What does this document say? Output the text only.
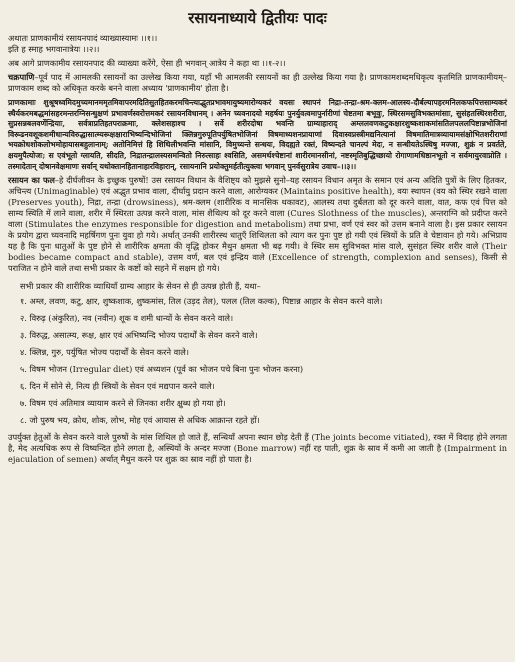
रसायनाध्याये द्वितीयः पादः
अथातः प्राणकामीयं रसायनपादं व्याख्यास्यामः ।।१।।
इति ह स्माह भगवानात्रेयः ।।२।।
अब आगे प्राणकामीय रसायनपाद की व्याख्या करेंगे, ऐसा ही भगवान् आत्रेय ने कहा था ।।१-२।।
चक्रपाणि–पूर्व पाद में आमलकी रसायनों का उल्लेख किया गया, यहाँ भी आमलकी रसायनों का ही उल्लेख किया गया है। प्राणकामशब्दमधिकृत्य कृतमिति प्राणकामीयम्–प्राणकाम शब्द को अधिकृत करके बनने वाला अध्याय 'प्राणकामीय' होता है।
प्राणकामाः शुश्रूषध्वमिदमुच्यमानममृतमिवापरमदितिसुतहितकरमचिन्त्याद्भुतप्रभावमायुष्यमारोग्यकरं वयसः स्थापनं निद्रा-तन्द्रा-श्रम-क्लम-आलस्य-दौर्बल्यापहरमनिलकफपित्तसाम्यकरं स्थैर्यकरमबद्धमांसहरमन्तरग्निसन्धुक्षणं प्रभावर्णस्वरोत्तमकरं रसायनविधानम् । अनेन च्यवनादयो महर्षयः पुनर्युवत्वमापुर्नारीणां चेष्टतमा बभूवुः, स्थिरसमसुविभक्तमांसाः, सुसंहतस्थिरशरीराः, सुप्रसन्नबलवर्णेन्द्रियाः, सर्वत्राप्रतिहतपराक्रमाः, क्लेशसहाश्च । सर्वे शरीरदोषा भवन्ति ग्राम्याहाराद् अम्ललवणकटुकक्षारशुष्कशाकमांसतिलपललपिष्टान्नभोजिनां विरूढनवशूकशमीधान्यविरुद्धासात्म्यरूक्षक्षाराभिष्यन्दिभोजिनां क्लिन्नगुरुपूतिपर्युषितभोजिनां विषमाध्यशनप्रायाणां दिवास्वप्नस्त्रीमद्यनित्यानां विषमातिमात्रव्यायामसंक्षोभितशरीराणां भयक्रोधशोकलोभमोहायासबहुलानाम्; अतोनिमित्तं हि शिथिलीभवन्ति मांसानि, विमुच्यन्ते सन्धयः, विदह्यते रक्तं, विष्यन्दते चानल्पं मेदः, न सन्धीयतेऽस्थिषु मज्जा, शुक्रं न प्रवर्तते, क्षयमुपैत्योजः; स एवंभूतो ग्लायति, सीदति, निद्रातन्द्रालस्यसमन्वितो निरुत्साहः श्वसिति, असमर्थश्चेष्टानां शारीरमानसीनां, नष्टस्मृतिबुद्धिच्छायो रोगाणामधिष्ठानभूतो न सर्वमायुरवाप्नोति । तस्मादेतान् दोषानवेक्षमाणः सर्वान् यथोक्तानहितानाहारविहारान्, रसायनानि प्रयोक्तुमर्हतीत्युक्त्वा भगवान् पुनर्वसुरात्रेय उवाच–।।३।।
रसायन का फल–हे दीर्घजीवन के इच्छुक पुरुषों! उस रसायन विधान के वैशिष्ट्य को मुझसे सुनो–यह रसायन विधान अमृत के समान एवं अन्य अदिति पुत्रों के लिए हितकर, अचिन्त्य (Unimaginable) एवं अद्भुत प्रभाव वाला, दीर्घायु प्रदान करने वाला, आरोग्यकर (Maintains positive health), वयः स्थापन (वय को स्थिर रखने वाला (Preserves youth), निद्रा, तन्द्रा (drowsiness), श्रम-क्लम (शारीरिक व मानसिक थकावट), आलस्य तथा दुर्बलता को दूर करने वाला, वात, कफ एवं पित्त को साम्य स्थिति में लाने वाला, शरीर में स्थिरता उत्पन्न करने वाला, मांस शैथिल्य को दूर करने वाला (Cures Slothness of the muscles), अन्तराग्नि को प्रदीप्त करने वाला (Stimulates the enzymes responsible for digestion and metabolism) तथा प्रभा, वर्ण एवं स्वर को उत्तम बनाने वाला है। इस प्रकार रसायन के प्रयोग द्वारा च्यवनादि महर्षिगण पुनः युवा हो गये। अर्थात् उनकी शारीरस्थ धातुएँ शिथिलता को त्याग कर पुनः पुष्ट हो गयी एवं स्त्रियों के प्रति वे चेष्टावान हो गये। अभिप्राय यह है कि पुनः धातुओं के पुष्ट होने से शारीरिक क्षमता की वृद्धि होकर मैथुन क्षमता भी बढ़ गयी। वे स्थिर सम सुविभक्त मांस वाले, सुसंहत स्थिर शरीर वाले (Their bodies became compact and stable), उत्तम वर्ण, बल एवं इन्द्रिय वाले (Excellence of strength, complexion and senses), किसी से पराजित न होने वाले तथा सभी प्रकार के कष्टों को सहने में सक्षम हो गये।
सभी प्रकार की शारीरिक व्याधियाँ ग्राम्य आहार के सेवन से ही उत्पन्न होती हैं, यथा–
१. अम्ल, लवण, कटु, क्षार, शुष्कशाक, शुष्कमांस, तिल (उड़द तेल), पलल (तिल कल्क), पिष्टान्न आहार के सेवन करने वाले।
२. विरुढ़ (अंकुरित), नव (नवीन) शूक व शमी धान्यों के सेवन करने वाले।
३. विरुद्ध, असात्म्य, रूक्ष, क्षार एवं अभिष्यन्दि भोज्य पदार्थों के सेवन करने वाले।
४. क्लिन्न, गुरु, पर्युषित भोज्य पदार्थों के सेवन करने वाले।
५. विषम भोजन (Irregular diet) एवं अध्यशन (पूर्व का भोजन पचे बिना पुनः भोजन करना)
६. दिन में सोने से, नित्य ही स्त्रियों के सेवन एवं मद्यपान करने वाले।
७. विषम एवं अतिमात्र व्यायाम करने से जिनका शरीर क्षुब्ध हो गया हो।
८. जो पुरुष भय, क्रोध, शोक, लोभ, मोह एवं आयास से अधिक आक्रान्त रहते हों।
उपर्युक्त हेतुओं के सेवन करने वाले पुरुषों के मांस शिथिल हो जाते हैं, सन्धियाँ अपना स्थान छोड़ देती हैं (The joints become vitiated), रक्त में विदाह होने लगता है, मेद अत्यधिक रूप से विष्यन्दित होने लगता है, अस्थियों के अन्दर मज्जा (Bone marrow) नहीं रह पाती, शुक्र के स्राव में कमी आ जाती है (Impairment in ejaculation of semen) अर्थात् मैथुन करने पर शुक्र का स्राव नहीं हो पाता है।
